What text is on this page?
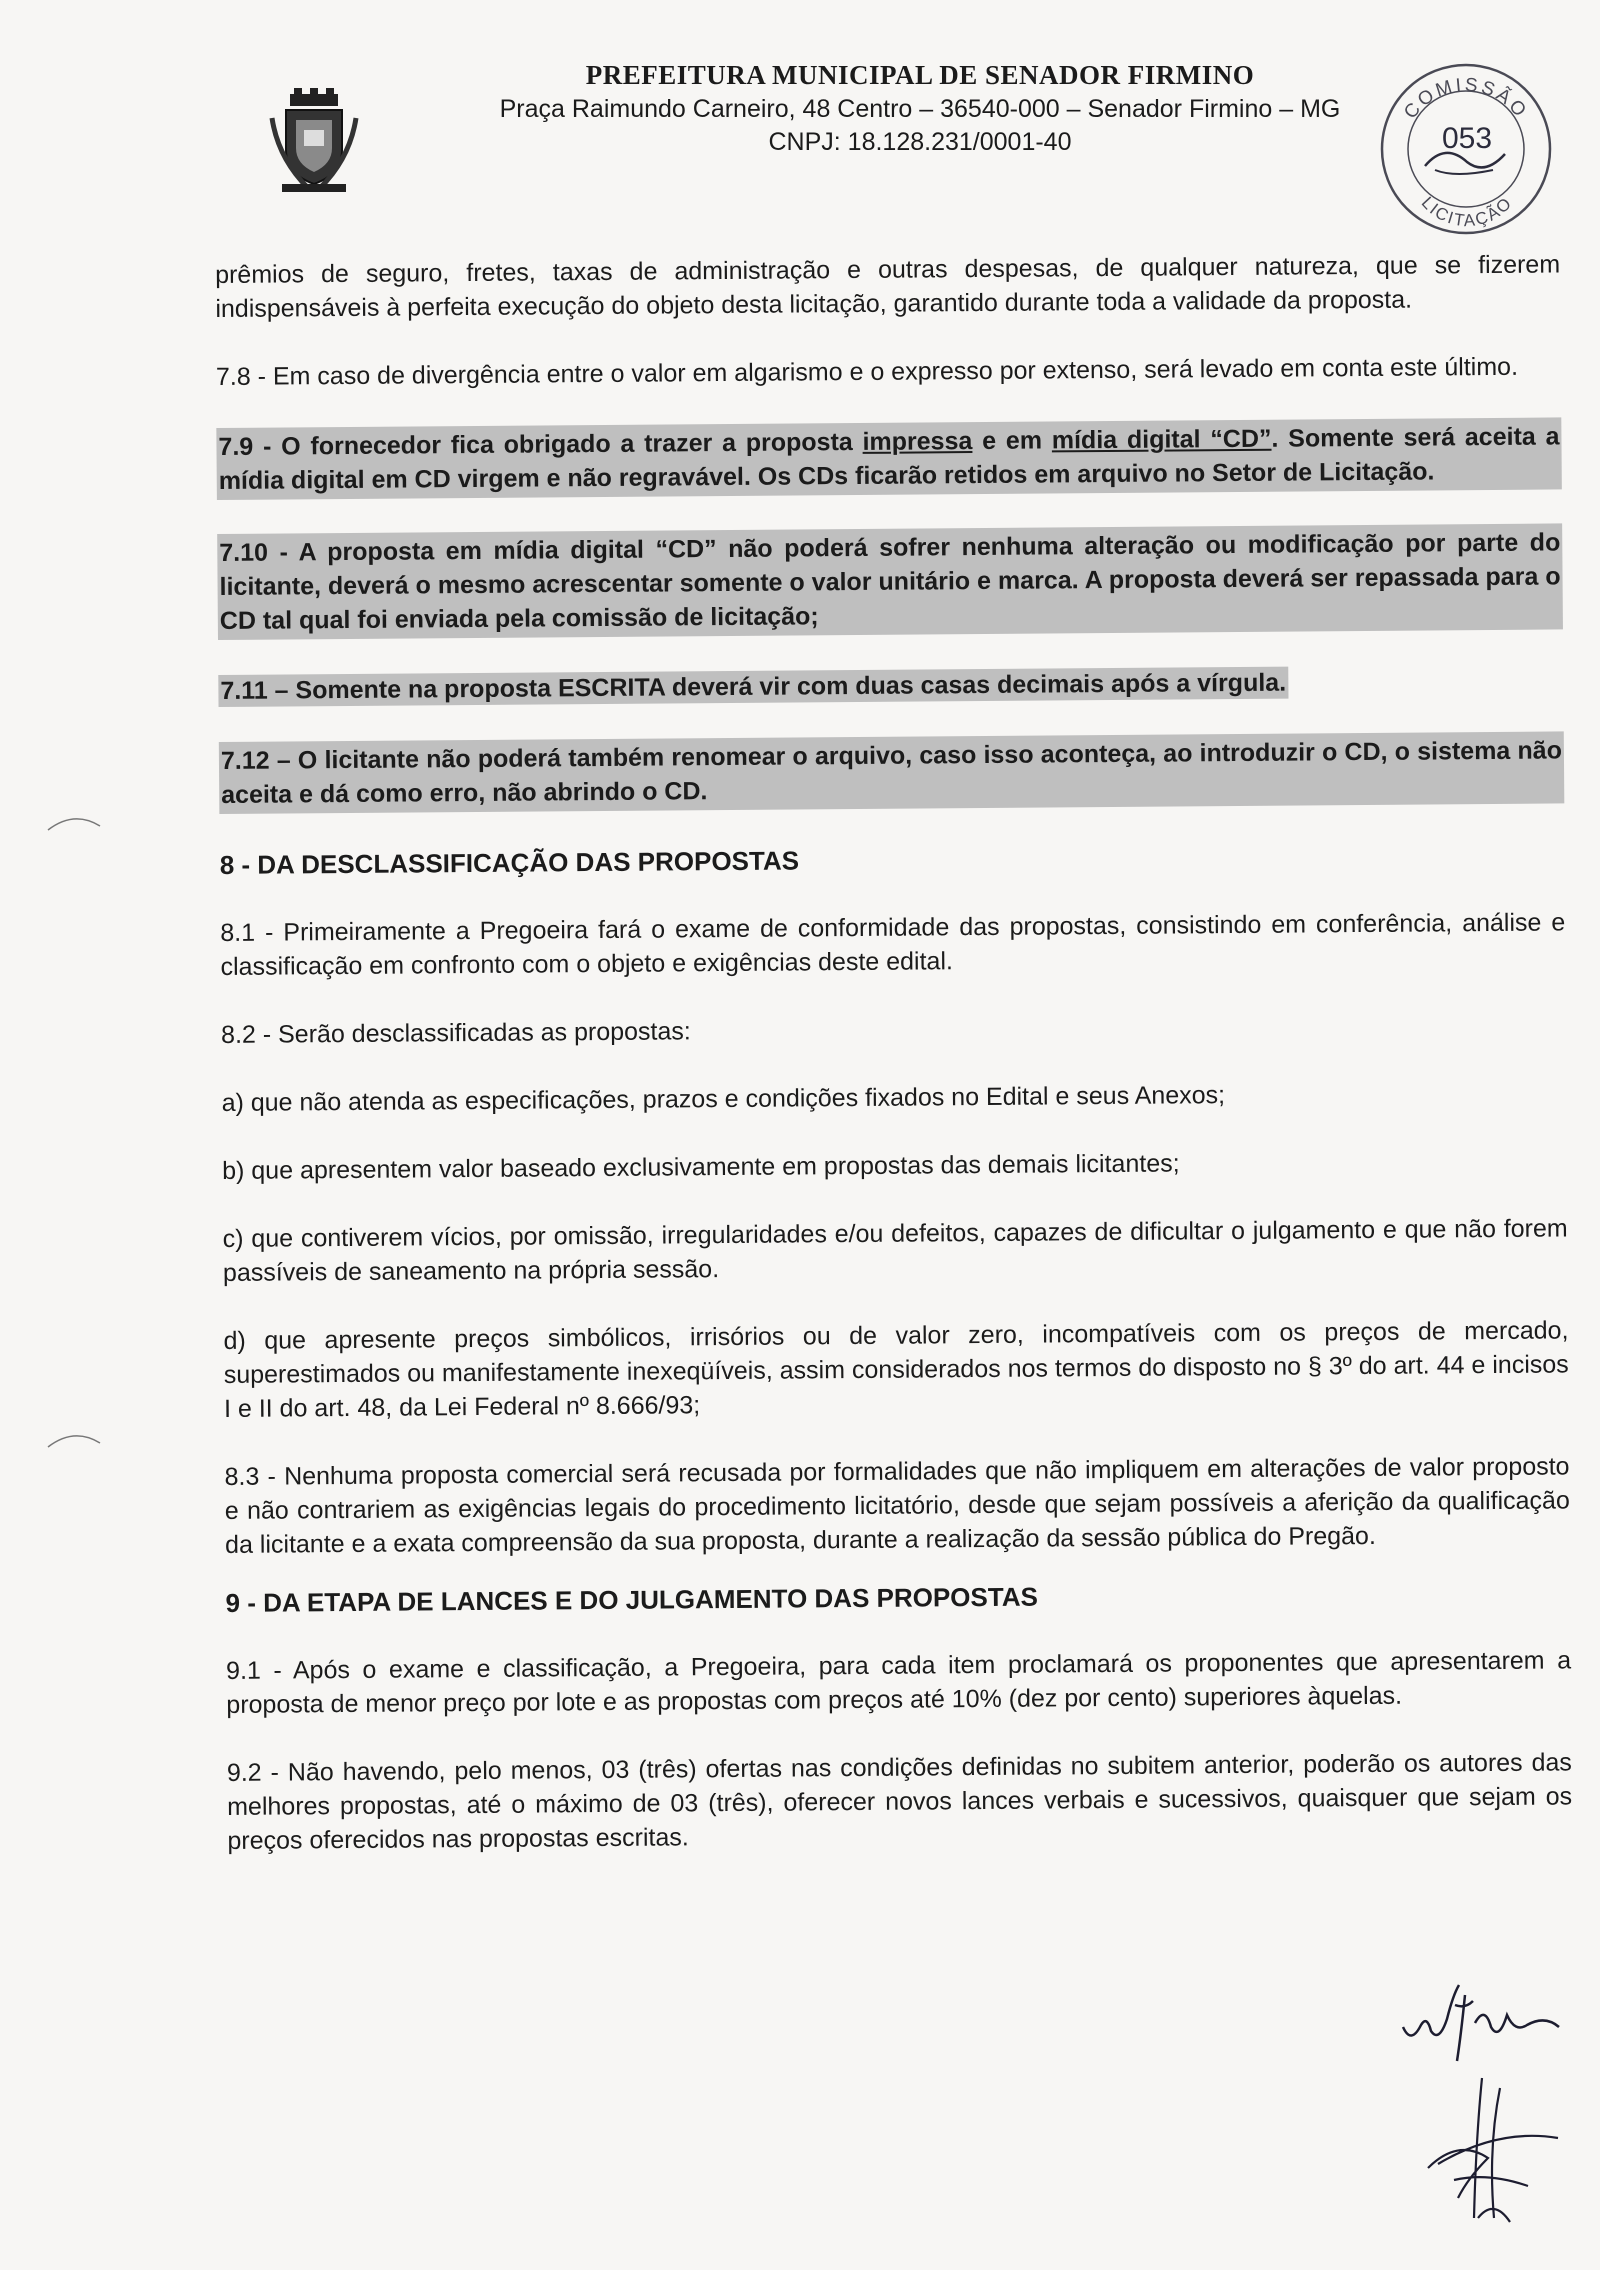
PREFEITURA MUNICIPAL DE SENADOR FIRMINO
Praça Raimundo Carneiro, 48 Centro – 36540-000 – Senador Firmino – MG
CNPJ: 18.128.231/0001-40
COMISSÃO
LICITAÇÃO
053

prêmios de seguro, fretes, taxas de administração e outras despesas, de qualquer natureza, que se fizerem indispensáveis à perfeita execução do objeto desta licitação, garantido durante toda a validade da proposta.

7.8 - Em caso de divergência entre o valor em algarismo e o expresso por extenso, será levado em conta este último.

7.9 - O fornecedor fica obrigado a trazer a proposta impressa e em mídia digital “CD”. Somente será aceita a mídia digital em CD virgem e não regravável. Os CDs ficarão retidos em arquivo no Setor de Licitação.

7.10 - A proposta em mídia digital “CD” não poderá sofrer nenhuma alteração ou modificação por parte do licitante, deverá o mesmo acrescentar somente o valor unitário e marca. A proposta deverá ser repassada para o CD tal qual foi enviada pela comissão de licitação;

7.11 – Somente na proposta ESCRITA deverá vir com duas casas decimais após a vírgula.

7.12 – O licitante não poderá também renomear o arquivo, caso isso aconteça, ao introduzir o CD, o sistema não aceita e dá como erro, não abrindo o CD.

8 - DA DESCLASSIFICAÇÃO DAS PROPOSTAS

8.1 - Primeiramente a Pregoeira fará o exame de conformidade das propostas, consistindo em conferência, análise e classificação em confronto com o objeto e exigências deste edital.

8.2 - Serão desclassificadas as propostas:

a) que não atenda as especificações, prazos e condições fixados no Edital e seus Anexos;

b) que apresentem valor baseado exclusivamente em propostas das demais licitantes;

c) que contiverem vícios, por omissão, irregularidades e/ou defeitos, capazes de dificultar o julgamento e que não forem passíveis de saneamento na própria sessão.

d) que apresente preços simbólicos, irrisórios ou de valor zero, incompatíveis com os preços de mercado, superestimados ou manifestamente inexeqüíveis, assim considerados nos termos do disposto no § 3º do art. 44 e incisos I e II do art. 48, da Lei Federal nº 8.666/93;

8.3 - Nenhuma proposta comercial será recusada por formalidades que não impliquem em alterações de valor proposto e não contrariem as exigências legais do procedimento licitatório, desde que sejam possíveis a aferição da qualificação da licitante e a exata compreensão da sua proposta, durante a realização da sessão pública do Pregão.

9 - DA ETAPA DE LANCES E DO JULGAMENTO DAS PROPOSTAS

9.1 - Após o exame e classificação, a Pregoeira, para cada item proclamará os proponentes que apresentarem a proposta de menor preço por lote e as propostas com preços até 10% (dez por cento) superiores àquelas.

9.2 - Não havendo, pelo menos, 03 (três) ofertas nas condições definidas no subitem anterior, poderão os autores das melhores propostas, até o máximo de 03 (três), oferecer novos lances verbais e sucessivos, quaisquer que sejam os preços oferecidos nas propostas escritas.
